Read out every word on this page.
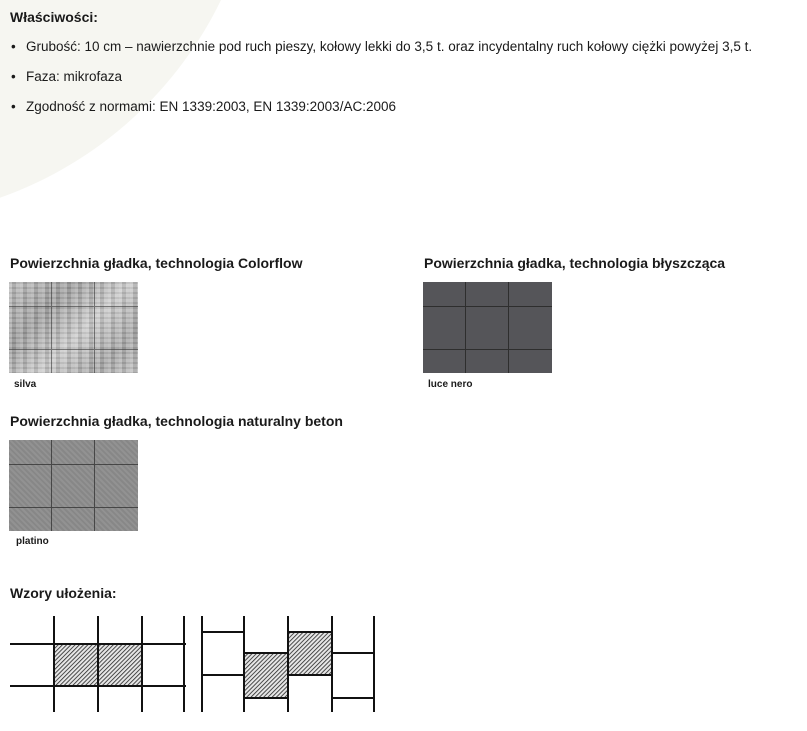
Właściwości:
• Grubość: 10 cm – nawierzchnie pod ruch pieszy, kołowy lekki do 3,5 t. oraz incydentalny ruch kołowy ciężki powyżej 3,5 t.
• Faza: mikrofaza
• Zgodność z normami: EN 1339:2003, EN 1339:2003/AC:2006
Powierzchnia gładka, technologia Colorflow
silva
Powierzchnia gładka, technologia błyszcząca
luce nero
Powierzchnia gładka, technologia naturalny beton
platino
Wzory ułożenia:
